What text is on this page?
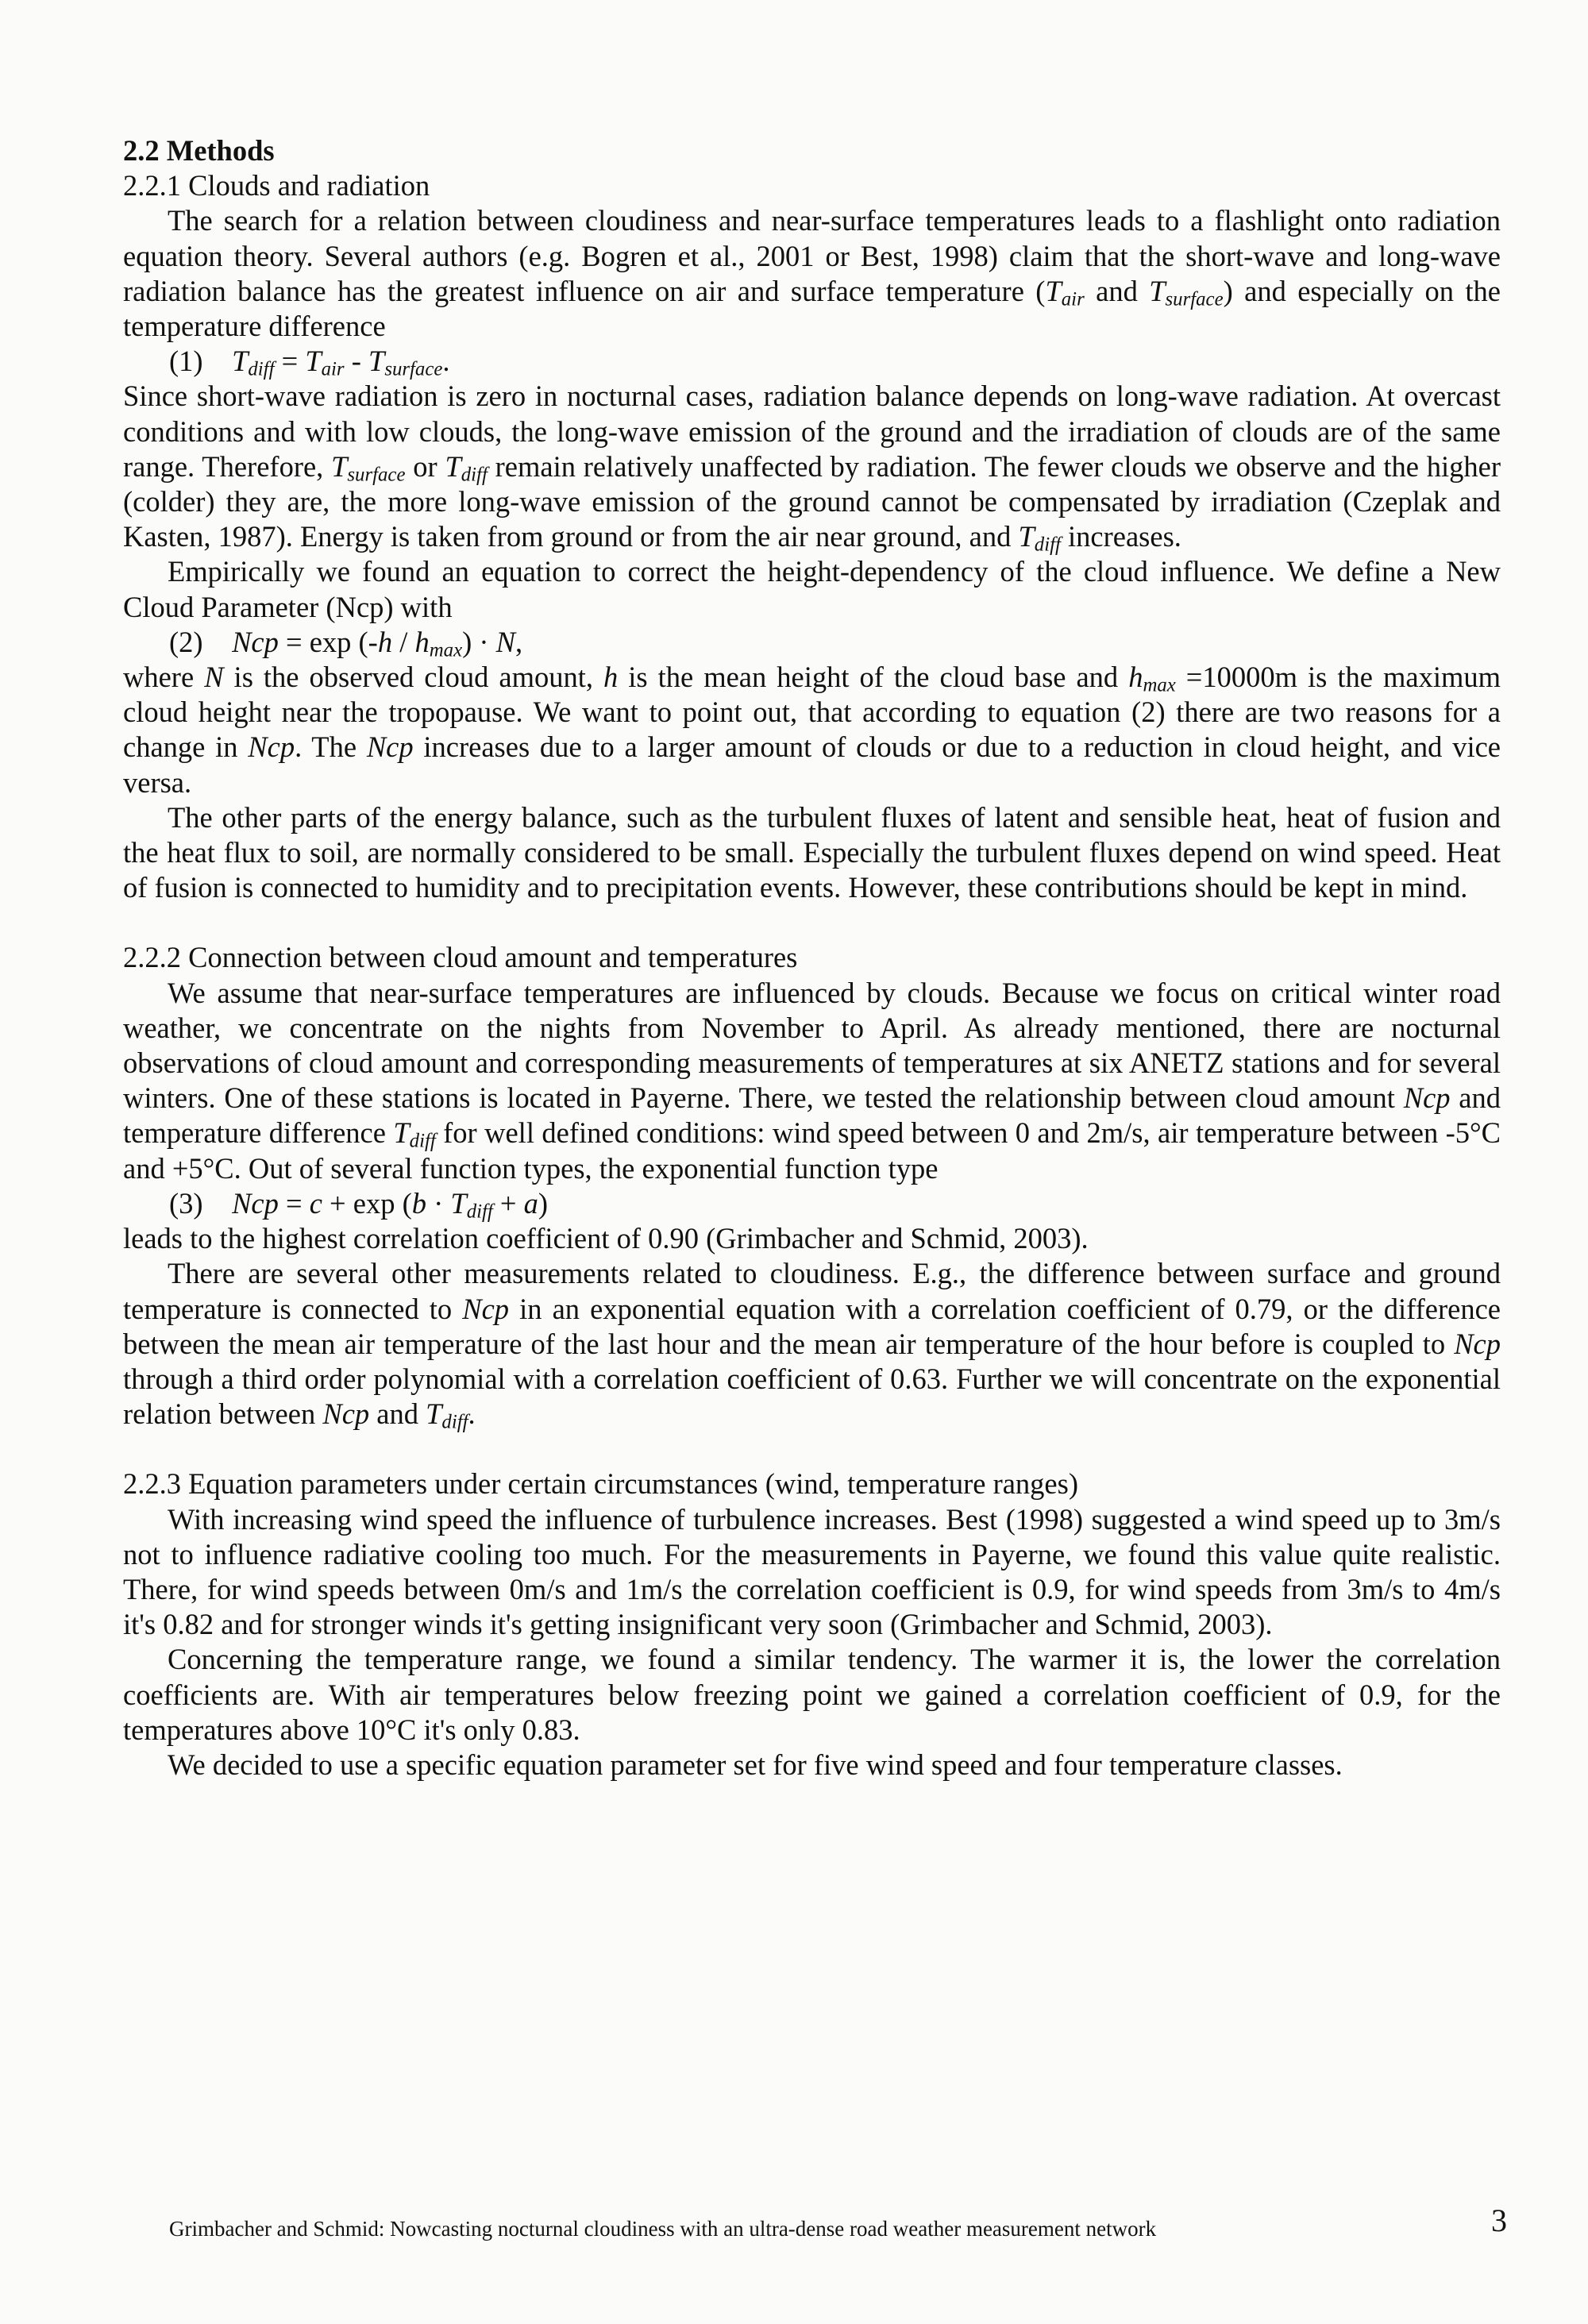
2.2 Methods

2.2.1 Clouds and radiation

The search for a relation between cloudiness and near-surface temperatures leads to a flashlight onto radiation equation theory. Several authors (e.g. Bogren et al., 2001 or Best, 1998) claim that the short-wave and long-wave radiation balance has the greatest influence on air and surface temperature ($T_{air}$ and $T_{surface}$) and especially on the temperature difference

(1) $T_{diff} = T_{air} - T_{surface}$.

Since short-wave radiation is zero in nocturnal cases, radiation balance depends on long-wave radiation. At overcast conditions and with low clouds, the long-wave emission of the ground and the irradiation of clouds are of the same range. Therefore, $T_{surface}$ or $T_{diff}$ remain relatively unaffected by radiation. The fewer clouds we observe and the higher (colder) they are, the more long-wave emission of the ground cannot be compensated by irradiation (Czeplak and Kasten, 1987). Energy is taken from ground or from the air near ground, and $T_{diff}$ increases.

Empirically we found an equation to correct the height-dependency of the cloud influence. We define a New Cloud Parameter (Ncp) with

(2) Ncp = $\exp (-h / h_{max}) \cdot N$,

where N is the observed cloud amount, h is the mean height of the cloud base and $h_{max} =10000m$ is the maximum cloud height near the tropopause. We want to point out, that according to equation (2) there are two reasons for a change in Ncp. The Ncp increases due to a larger amount of clouds or due to a reduction in cloud height, and vice versa.

The other parts of the energy balance, such as the turbulent fluxes of latent and sensible heat, heat of fusion and the heat flux to soil, are normally considered to be small. Especially the turbulent fluxes depend on wind speed. Heat of fusion is connected to humidity and to precipitation events. However, these contributions should be kept in mind.

2.2.2 Connection between cloud amount and temperatures

We assume that near-surface temperatures are influenced by clouds. Because we focus on critical winter road weather, we concentrate on the nights from November to April. As already mentioned, there are nocturnal observations of cloud amount and corresponding measurements of temperatures at six ANETZ stations and for several winters. One of these stations is located in Payerne. There, we tested the relationship between cloud amount Ncp and temperature difference $T_{diff}$ for well defined conditions: wind speed between 0 and 2m/s, air temperature between -5°C and +5°C. Out of several function types, the exponential function type

(3) Ncp = $c + \exp (b \cdot T_{diff} + a)$

leads to the highest correlation coefficient of 0.90 (Grimbacher and Schmid, 2003).

There are several other measurements related to cloudiness. E.g., the difference between surface and ground temperature is connected to Ncp in an exponential equation with a correlation coefficient of 0.79, or the difference between the mean air temperature of the last hour and the mean air temperature of the hour before is coupled to Ncp through a third order polynomial with a correlation coefficient of 0.63. Further we will concentrate on the exponential relation between Ncp and $T_{diff}$.

2.2.3 Equation parameters under certain circumstances (wind, temperature ranges)

With increasing wind speed the influence of turbulence increases. Best (1998) suggested a wind speed up to 3m/s not to influence radiative cooling too much. For the measurements in Payerne, we found this value quite realistic. There, for wind speeds between 0m/s and 1m/s the correlation coefficient is 0.9, for wind speeds from 3m/s to 4m/s it's 0.82 and for stronger winds it's getting insignificant very soon (Grimbacher and Schmid, 2003).

Concerning the temperature range, we found a similar tendency. The warmer it is, the lower the correlation coefficients are. With air temperatures below freezing point we gained a correlation coefficient of 0.9, for the temperatures above 10°C it's only 0.83.

We decided to use a specific equation parameter set for five wind speed and four temperature classes.

Grimbacher and Schmid: Nowcasting nocturnal cloudiness with an ultra-dense road weather measurement network	3
